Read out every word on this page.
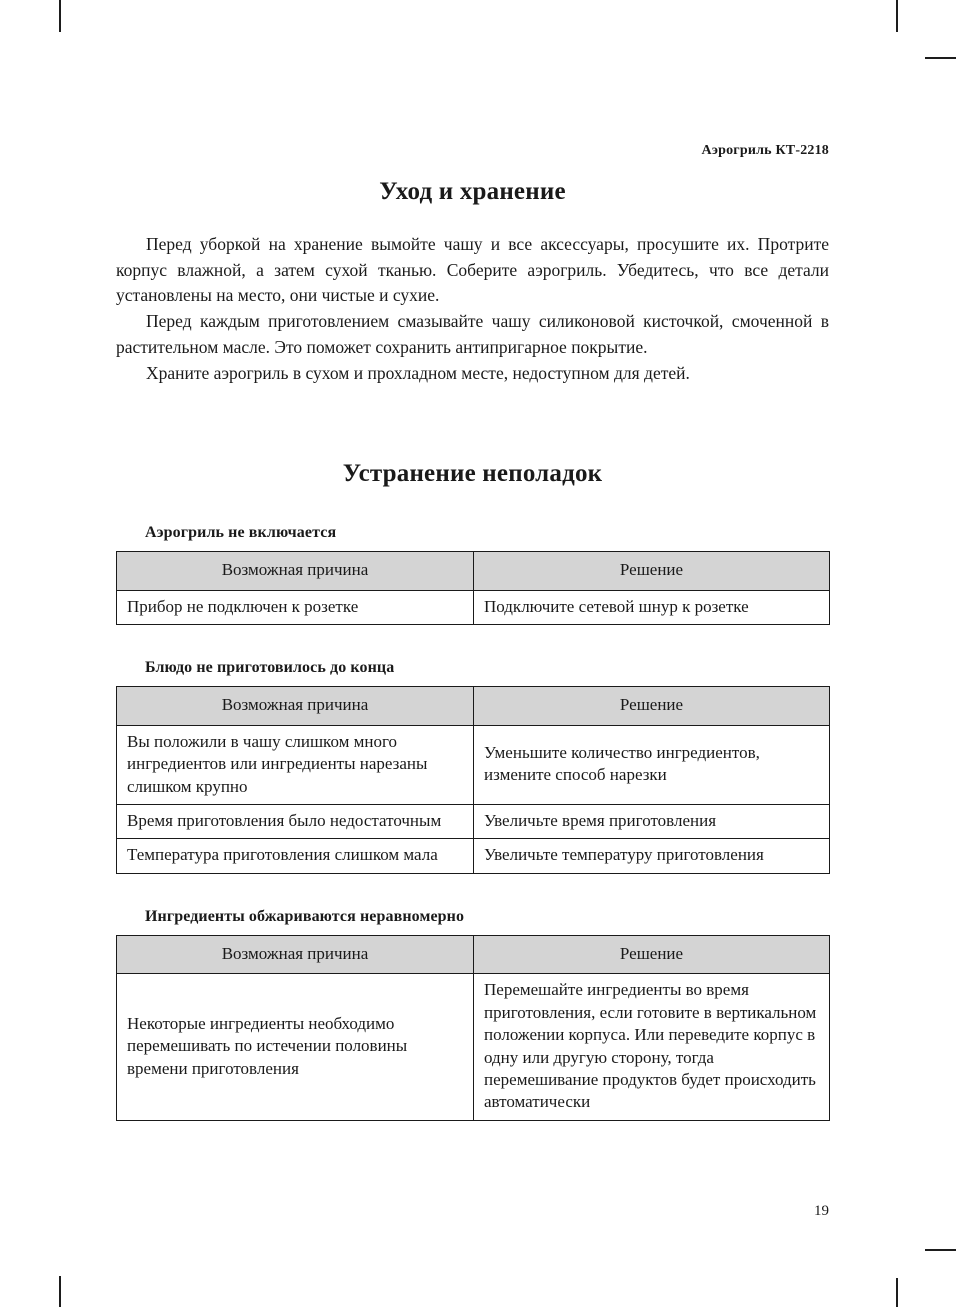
Аэрогриль КТ-2218
Уход и хранение

Перед уборкой на хранение вымойте чашу и все аксессуары, просушите их. Протрите корпус влажной, а затем сухой тканью. Соберите аэрогриль. Убедитесь, что все детали установлены на место, они чистые и сухие.

Перед каждым приготовлением смазывайте чашу силиконовой кисточкой, смоченной в растительном масле. Это поможет сохранить антипригарное покрытие.

Храните аэрогриль в сухом и прохладном месте, недоступном для детей.

Устранение неполадок
Аэрогриль не включается
Возможная причина	Решение
Прибор не подключен к розетке	Подключите сетевой шнур к розетке
Блюдо не приготовилось до конца
Возможная причина	Решение
Вы положили в чашу слишком много ингредиентов или ингредиенты нарезаны слишком крупно	Уменьшите количество ингредиентов, измените способ нарезки
Время приготовления было недостаточным	Увеличьте время приготовления
Температура приготовления слишком мала	Увеличьте температуру приготовления
Ингредиенты обжариваются неравномерно
Возможная причина	Решение
Некоторые ингредиенты необходимо перемешивать по истечении половины времени приготовления	Перемешайте ингредиенты во время приготовления, если готовите в вертикальном положении корпуса. Или переведите корпус в одну или другую сторону, тогда перемешивание продуктов будет происходить автоматически
19
